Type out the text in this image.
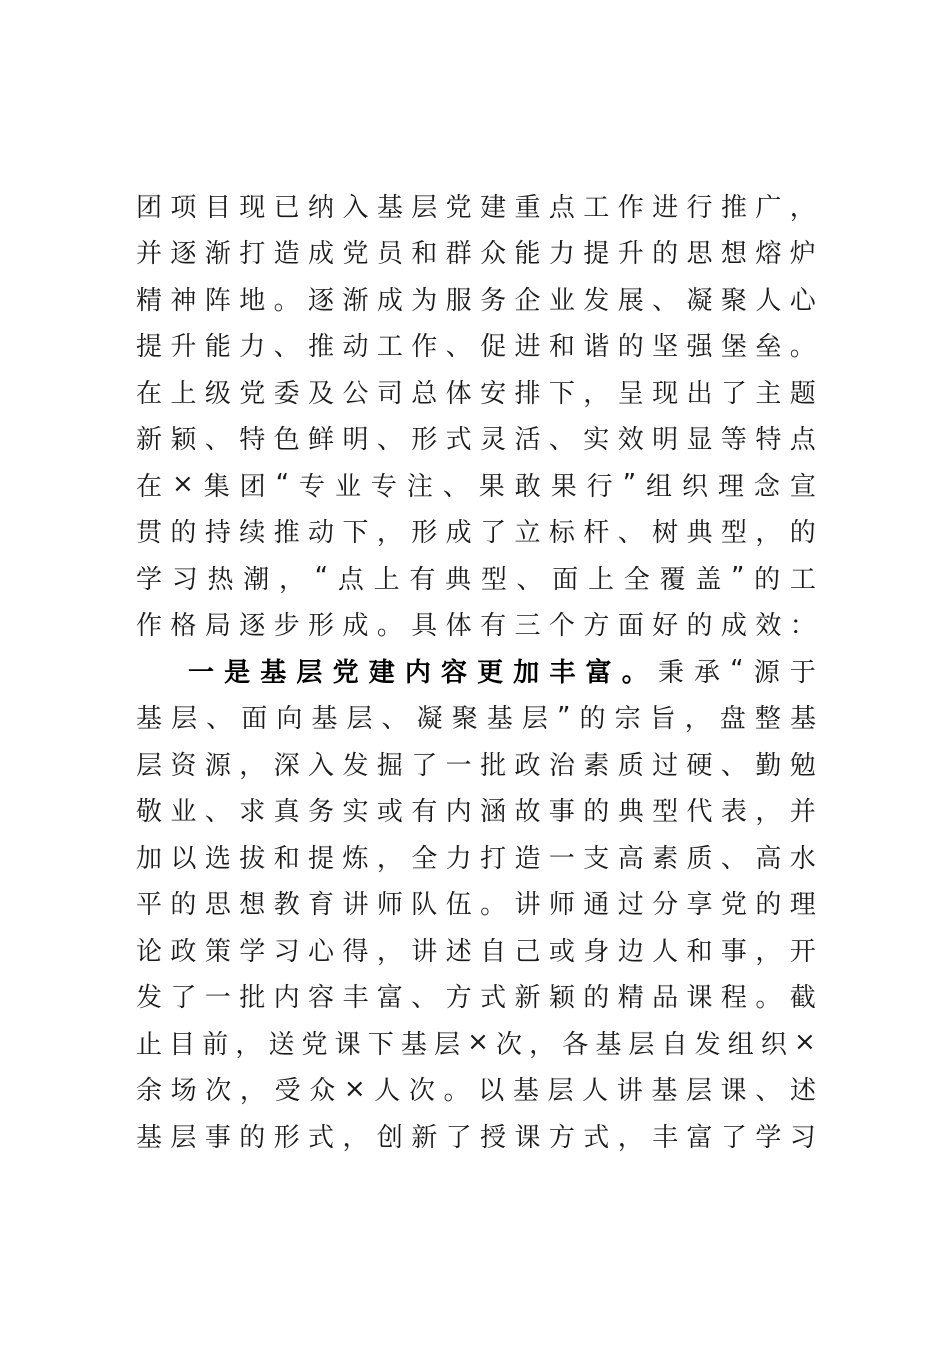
团 项 目 现 已 纳 入 基 层 党 建 重 点 工 作 进 行 推 广 ，
并 逐 渐 打 造 成 党 员 和 群 众 能 力 提 升 的 思 想 熔 炉
精 神 阵 地 。 逐 渐 成 为 服 务 企 业 发 展 、 凝 聚 人 心
提 升 能 力 、 推 动 工 作 、 促 进 和 谐 的 坚 强 堡 垒 。
在 上 级 党 委 及 公 司 总 体 安 排 下 ， 呈 现 出 了 主 题
新 颖 、 特 色 鲜 明 、 形 式 灵 活 、 实 效 明 显 等 特 点
在 × 集 团 “ 专 业 专 注 、 果 敢 果 行 ” 组 织 理 念 宣
贯 的 持 续 推 动 下 ， 形 成 了 立 标 杆 、 树 典 型 ， 的
学 习 热 潮 ， “ 点 上 有 典 型 、 面 上 全 覆 盖 ” 的 工
作 格 局 逐 步 形 成 。 具 体 有 三 个 方 面 好 的 成 效 ：
一 是 基 层 党 建 内 容 更 加 丰 富 。 秉 承 “ 源 于
基 层 、 面 向 基 层 、 凝 聚 基 层 ” 的 宗 旨 ， 盘 整 基
层 资 源 ， 深 入 发 掘 了 一 批 政 治 素 质 过 硬 、 勤 勉
敬 业 、 求 真 务 实 或 有 内 涵 故 事 的 典 型 代 表 ， 并
加 以 选 拔 和 提 炼 ， 全 力 打 造 一 支 高 素 质 、 高 水
平 的 思 想 教 育 讲 师 队 伍 。 讲 师 通 过 分 享 党 的 理
论 政 策 学 习 心 得 ， 讲 述 自 己 或 身 边 人 和 事 ， 开
发 了 一 批 内 容 丰 富 、 方 式 新 颖 的 精 品 课 程 。 截
止 目 前 ， 送 党 课 下 基 层 × 次 ， 各 基 层 自 发 组 织 ×
余 场 次 ， 受 众 × 人 次 。 以 基 层 人 讲 基 层 课 、 述
基 层 事 的 形 式 ， 创 新 了 授 课 方 式 ， 丰 富 了 学 习
